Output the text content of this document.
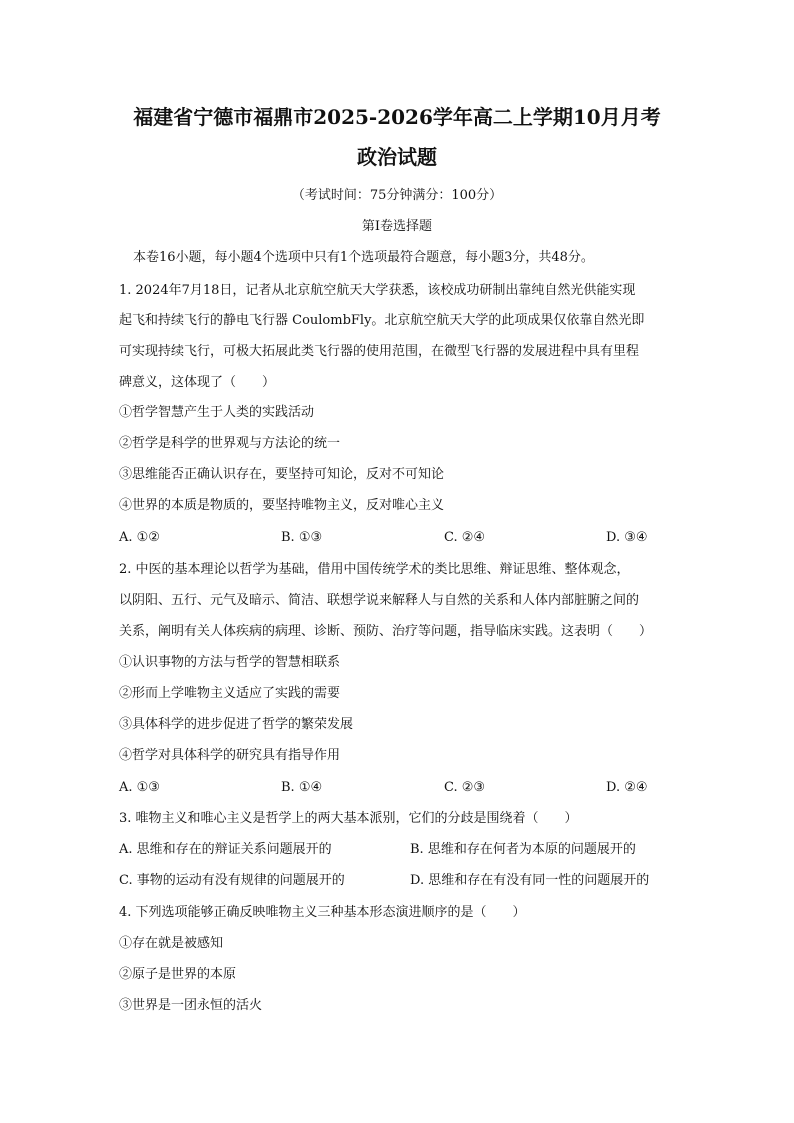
福建省宁德市福鼎市2025-2026学年高二上学期10月月考
政治试题
（考试时间：75分钟满分：100分）
第Ⅰ卷选择题
本卷16小题，每小题4个选项中只有1个选项最符合题意，每小题3分，共48分。
1. 2024年7月18日，记者从北京航空航天大学获悉，该校成功研制出靠纯自然光供能实现
起飞和持续飞行的静电飞行器 CoulombFly。北京航空航天大学的此项成果仅依靠自然光即
可实现持续飞行，可极大拓展此类飞行器的使用范围，在微型飞行器的发展进程中具有里程
碑意义，这体现了（　　）
①哲学智慧产生于人类的实践活动
②哲学是科学的世界观与方法论的统一
③思维能否正确认识存在，要坚持可知论，反对不可知论
④世界的本质是物质的，要坚持唯物主义，反对唯心主义
A. ①②	B. ①③	C. ②④	D. ③④
2. 中医的基本理论以哲学为基础，借用中国传统学术的类比思维、辩证思维、整体观念，
以阴阳、五行、元气及暗示、简洁、联想学说来解释人与自然的关系和人体内部脏腑之间的
关系，阐明有关人体疾病的病理、诊断、预防、治疗等问题，指导临床实践。这表明（　　）
①认识事物的方法与哲学的智慧相联系
②形而上学唯物主义适应了实践的需要
③具体科学的进步促进了哲学的繁荣发展
④哲学对具体科学的研究具有指导作用
A. ①③	B. ①④	C. ②③	D. ②④
3. 唯物主义和唯心主义是哲学上的两大基本派别，它们的分歧是围绕着（　　）
A. 思维和存在的辩证关系问题展开的	B. 思维和存在何者为本原的问题展开的
C. 事物的运动有没有规律的问题展开的	D. 思维和存在有没有同一性的问题展开的
4. 下列选项能够正确反映唯物主义三种基本形态演进顺序的是（　　）
①存在就是被感知
②原子是世界的本原
③世界是一团永恒的活火
